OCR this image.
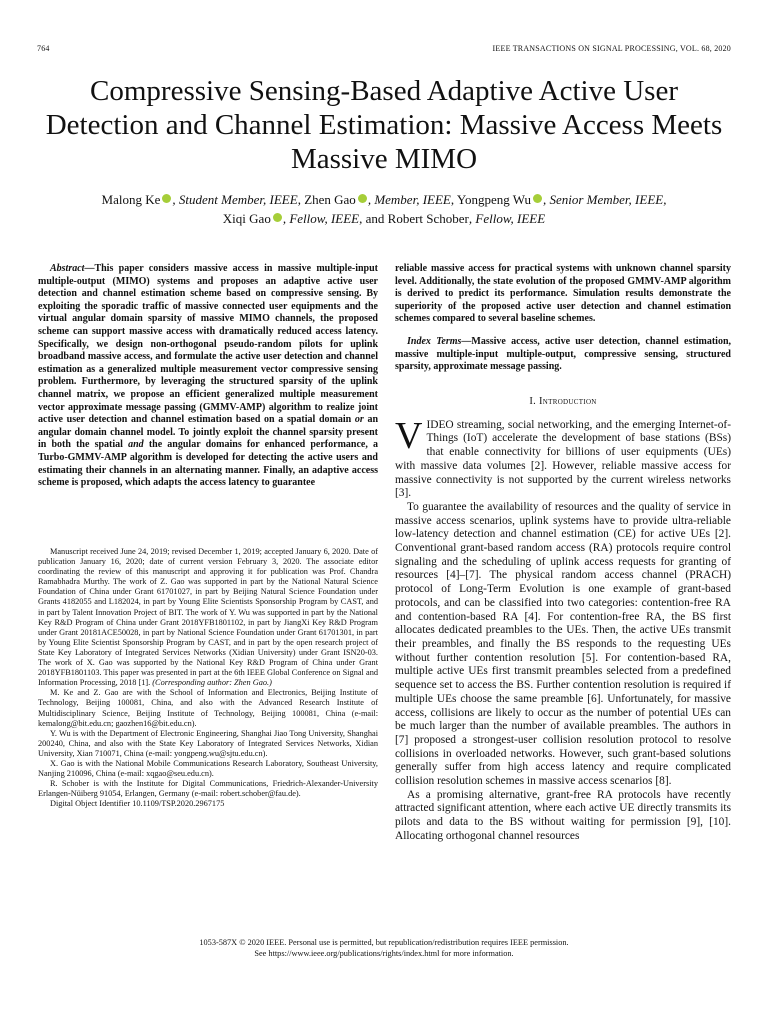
764	IEEE TRANSACTIONS ON SIGNAL PROCESSING, VOL. 68, 2020
Compressive Sensing-Based Adaptive Active User Detection and Channel Estimation: Massive Access Meets Massive MIMO
Malong Ke , Student Member, IEEE, Zhen Gao , Member, IEEE, Yongpeng Wu , Senior Member, IEEE,
Xiqi Gao , Fellow, IEEE, and Robert Schober, Fellow, IEEE

Abstract—This paper considers massive access in massive multiple-input multiple-output (MIMO) systems and proposes an adaptive active user detection and channel estimation scheme based on compressive sensing. By exploiting the sporadic traffic of massive connected user equipments and the virtual angular domain sparsity of massive MIMO channels, the proposed scheme can support massive access with dramatically reduced access latency. Specifically, we design non-orthogonal pseudo-random pilots for uplink broadband massive access, and formulate the active user detection and channel estimation as a generalized multiple measurement vector compressive sensing problem. Furthermore, by leveraging the structured sparsity of the uplink channel matrix, we propose an efficient generalized multiple measurement vector approximate message passing (GMMV-AMP) algorithm to realize joint active user detection and channel estimation based on a spatial domain or an angular domain channel model. To jointly exploit the channel sparsity present in both the spatial and the angular domains for enhanced performance, a Turbo-GMMV-AMP algorithm is developed for detecting the active users and estimating their channels in an alternating manner. Finally, an adaptive access scheme is proposed, which adapts the access latency to guarantee

Manuscript received June 24, 2019; revised December 1, 2019; accepted January 6, 2020. Date of publication January 16, 2020; date of current version February 3, 2020. The associate editor coordinating the review of this manuscript and approving it for publication was Prof. Chandra Ramabhadra Murthy. The work of Z. Gao was supported in part by the National Natural Science Foundation of China under Grant 61701027, in part by Beijing Natural Science Foundation under Grants 4182055 and L182024, in part by Young Elite Scientists Sponsorship Program by CAST, and in part by Talent Innovation Project of BIT. The work of Y. Wu was supported in part by the National Key R&D Program of China under Grant 2018YFB1801102, in part by JiangXi Key R&D Program under Grant 20181ACE50028, in part by National Science Foundation under Grant 61701301, in part by Young Elite Scientist Sponsorship Program by CAST, and in part by the open research project of State Key Laboratory of Integrated Services Networks (Xidian University) under Grant ISN20-03. The work of X. Gao was supported by the National Key R&D Program of China under Grant 2018YFB1801103. This paper was presented in part at the 6th IEEE Global Conference on Signal and Information Processing, 2018 [1]. (Corresponding author: Zhen Gao.)

M. Ke and Z. Gao are with the School of Information and Electronics, Beijing Institute of Technology, Beijing 100081, China, and also with the Advanced Research Institute of Multidisciplinary Science, Beijing Institute of Technology, Beijing 100081, China (e-mail: kemalong@bit.edu.cn; gaozhen16@bit.edu.cn).

Y. Wu is with the Department of Electronic Engineering, Shanghai Jiao Tong University, Shanghai 200240, China, and also with the State Key Laboratory of Integrated Services Networks, Xidian University, Xian 710071, China (e-mail: yongpeng.wu@sjtu.edu.cn).

X. Gao is with the National Mobile Communications Research Laboratory, Southeast University, Nanjing 210096, China (e-mail: xqgao@seu.edu.cn).

R. Schober is with the Institute for Digital Communications, Friedrich-Alexander-University Erlangen-Nüiberg 91054, Erlangen, Germany (e-mail: robert.schober@fau.de).

Digital Object Identifier 10.1109/TSP.2020.2967175

reliable massive access for practical systems with unknown channel sparsity level. Additionally, the state evolution of the proposed GMMV-AMP algorithm is derived to predict its performance. Simulation results demonstrate the superiority of the proposed active user detection and channel estimation schemes compared to several baseline schemes.

Index Terms—Massive access, active user detection, channel estimation, massive multiple-input multiple-output, compressive sensing, structured sparsity, approximate message passing.

I. Introduction

VIDEO streaming, social networking, and the emerging Internet-of-Things (IoT) accelerate the development of base stations (BSs) that enable connectivity for billions of user equipments (UEs) with massive data volumes [2]. However, reliable massive access for massive connectivity is not supported by the current wireless networks [3].

To guarantee the availability of resources and the quality of service in massive access scenarios, uplink systems have to provide ultra-reliable low-latency detection and channel estimation (CE) for active UEs [2]. Conventional grant-based random access (RA) protocols require control signaling and the scheduling of uplink access requests for granting of resources [4]–[7]. The physical random access channel (PRACH) protocol of Long-Term Evolution is one example of grant-based protocols, and can be classified into two categories: contention-free RA and contention-based RA [4]. For contention-free RA, the BS first allocates dedicated preambles to the UEs. Then, the active UEs transmit their preambles, and finally the BS responds to the requesting UEs without further contention resolution [5]. For contention-based RA, multiple active UEs first transmit preambles selected from a predefined sequence set to access the BS. Further contention resolution is required if multiple UEs choose the same preamble [6]. Unfortunately, for massive access, collisions are likely to occur as the number of potential UEs can be much larger than the number of available preambles. The authors in [7] proposed a strongest-user collision resolution protocol to resolve collisions in overloaded networks. However, such grant-based solutions generally suffer from high access latency and require complicated collision resolution schemes in massive access scenarios [8].

As a promising alternative, grant-free RA protocols have recently attracted significant attention, where each active UE directly transmits its pilots and data to the BS without waiting for permission [9], [10]. Allocating orthogonal channel resources

1053-587X © 2020 IEEE. Personal use is permitted, but republication/redistribution requires IEEE permission.
See https://www.ieee.org/publications/rights/index.html for more information.
